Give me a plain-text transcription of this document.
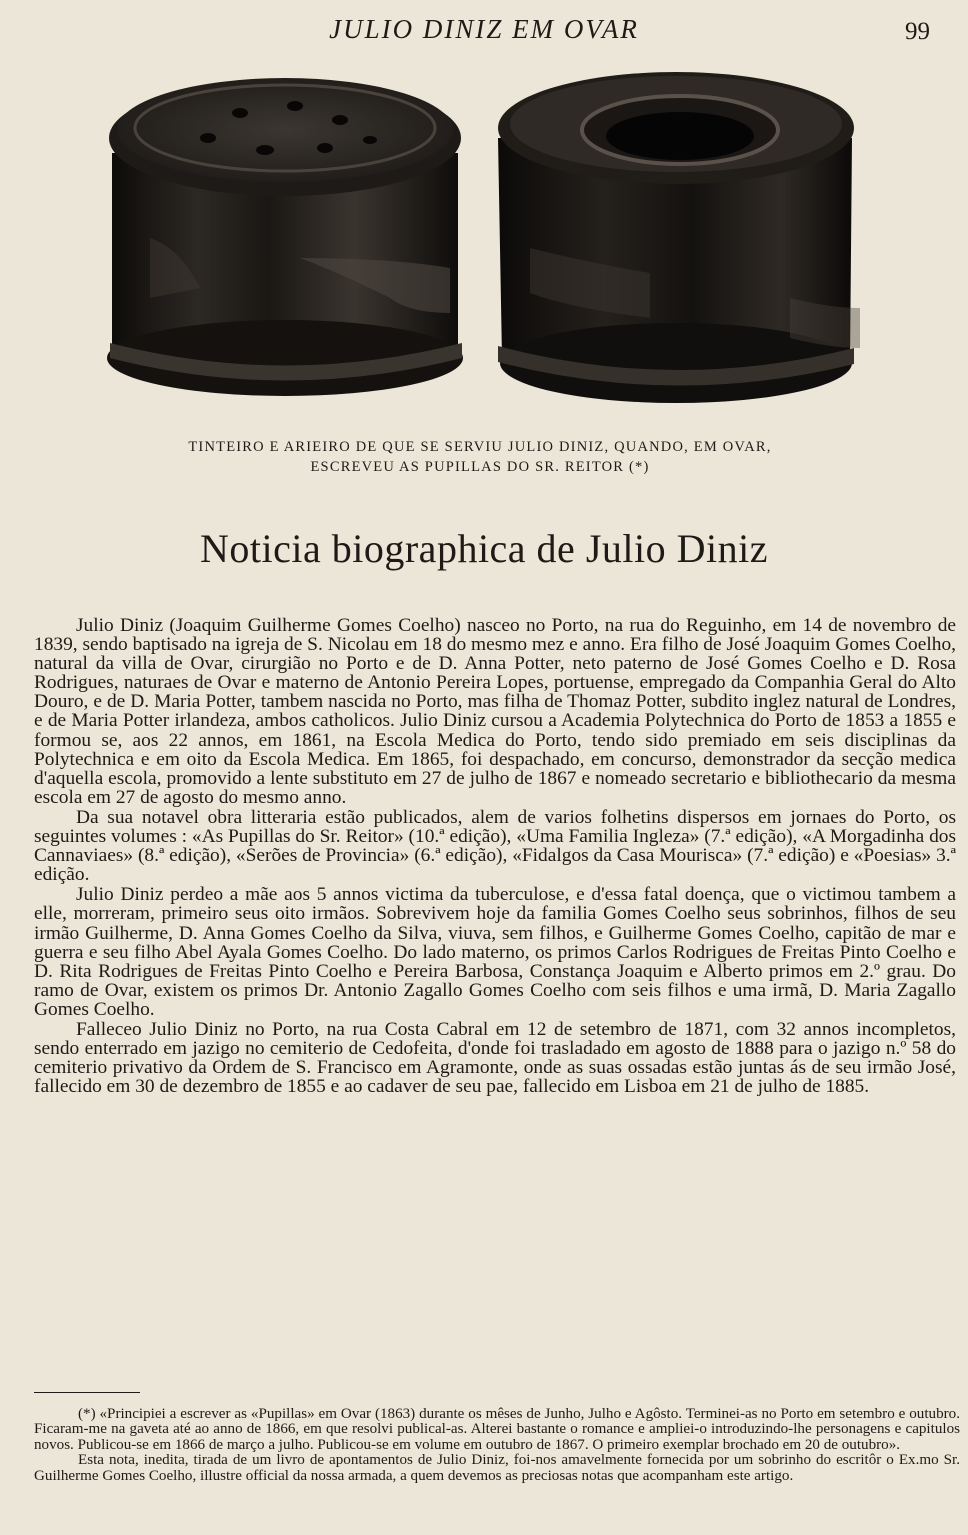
JULIO DINIZ EM OVAR	99
TINTEIRO E ARIEIRO DE QUE SE SERVIU JULIO DINIZ, QUANDO, EM OVAR,
ESCREVEU AS PUPILLAS DO SR. REITOR (*)
Noticia biographica de Julio Diniz

Julio Diniz (Joaquim Guilherme Gomes Coelho) nasceo no Porto, na rua do Reguinho, em 14 de novembro de 1839, sendo baptisado na igreja de S. Nicolau em 18 do mesmo mez e anno. Era filho de José Joaquim Gomes Coelho, natural da villa de Ovar, cirurgião no Porto e de D. Anna Potter, neto paterno de José Gomes Coelho e D. Rosa Rodrigues, naturaes de Ovar e materno de Antonio Pereira Lopes, portuense, empregado da Companhia Geral do Alto Douro, e de D. Maria Potter, tambem nascida no Porto, mas filha de Thomaz Potter, subdito inglez natural de Londres, e de Maria Potter irlandeza, ambos catholicos. Julio Diniz cursou a Academia Polytechnica do Porto de 1853 a 1855 e formou se, aos 22 annos, em 1861, na Escola Medica do Porto, tendo sido premiado em seis disciplinas da Polytechnica e em oito da Escola Medica. Em 1865, foi despachado, em concurso, demonstrador da secção medica d'aquella escola, promovido a lente substituto em 27 de julho de 1867 e nomeado secretario e bibliothecario da mesma escola em 27 de agosto do mesmo anno.

Da sua notavel obra litteraria estão publicados, alem de varios folhetins dispersos em jornaes do Porto, os seguintes volumes : «As Pupillas do Sr. Reitor» (10.ª edição), «Uma Familia Ingleza» (7.ª edição), «A Morgadinha dos Cannaviaes» (8.ª edição), «Serões de Provincia» (6.ª edição), «Fidalgos da Casa Mourisca» (7.ª edição) e «Poesias» 3.ª edição.

Julio Diniz perdeo a mãe aos 5 annos victima da tuberculose, e d'essa fatal doença, que o victimou tambem a elle, morreram, primeiro seus oito irmãos. Sobrevivem hoje da familia Gomes Coelho seus sobrinhos, filhos de seu irmão Guilherme, D. Anna Gomes Coelho da Silva, viuva, sem filhos, e Guilherme Gomes Coelho, capitão de mar e guerra e seu filho Abel Ayala Gomes Coelho. Do lado materno, os primos Carlos Rodrigues de Freitas Pinto Coelho e D. Rita Rodrigues de Freitas Pinto Coelho e Pereira Barbosa, Constança Joaquim e Alberto primos em 2.º grau. Do ramo de Ovar, existem os primos Dr. Antonio Zagallo Gomes Coelho com seis filhos e uma irmã, D. Maria Zagallo Gomes Coelho.

Falleceo Julio Diniz no Porto, na rua Costa Cabral em 12 de setembro de 1871, com 32 annos incompletos, sendo enterrado em jazigo no cemiterio de Cedofeita, d'onde foi trasladado em agosto de 1888 para o jazigo n.º 58 do cemiterio privativo da Ordem de S. Francisco em Agramonte, onde as suas ossadas estão juntas ás de seu irmão José, fallecido em 30 de dezembro de 1855 e ao cadaver de seu pae, fallecido em Lisboa em 21 de julho de 1885.

(*) «Principiei a escrever as «Pupillas» em Ovar (1863) durante os mêses de Junho, Julho e Agôsto. Terminei-as no Porto em setembro e outubro. Ficaram-me na gaveta até ao anno de 1866, em que resolvi publical-as. Alterei bastante o romance e ampliei-o introduzindo-lhe personagens e capitulos novos. Publicou-se em 1866 de março a julho. Publicou-se em volume em outubro de 1867. O primeiro exemplar brochado em 20 de outubro».

Esta nota, inedita, tirada de um livro de apontamentos de Julio Diniz, foi-nos amavelmente fornecida por um sobrinho do escritôr o Ex.mo Sr. Guilherme Gomes Coelho, illustre official da nossa armada, a quem devemos as preciosas notas que acompanham este artigo.
